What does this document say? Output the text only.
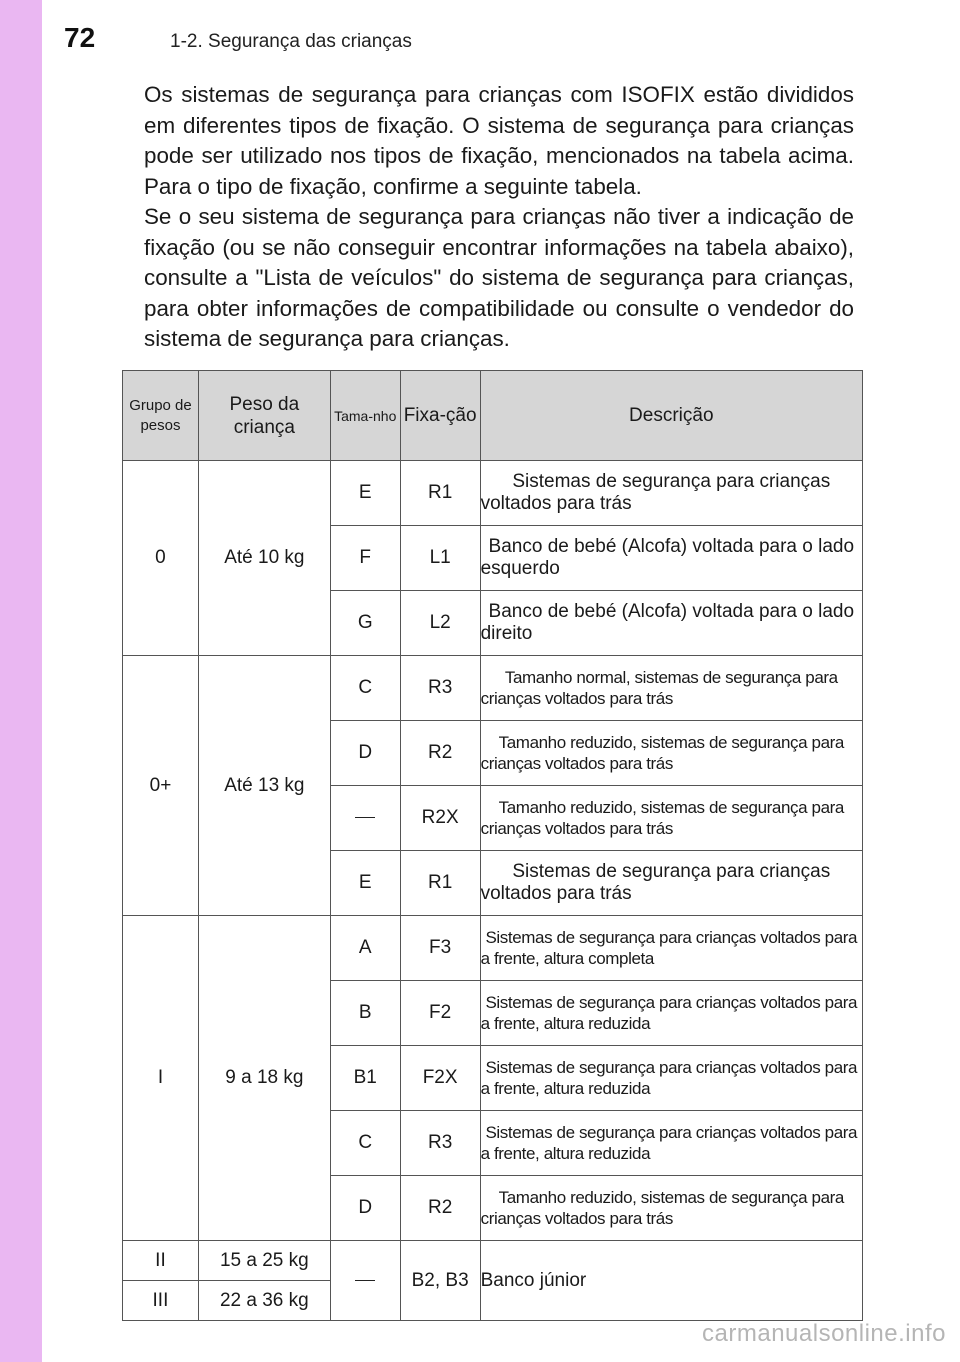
72	1-2. Segurança das crianças

Os sistemas de segurança para crianças com ISOFIX estão divididos em diferentes tipos de fixação. O sistema de segurança para crianças pode ser utilizado nos tipos de fixação, mencionados na tabela acima. Para o tipo de fixação, confirme a seguinte tabela.

Se o seu sistema de segurança para crianças não tiver a indicação de fixação (ou se não conseguir encontrar informações na tabela abaixo), consulte a "Lista de veículos" do sistema de segurança para crianças, para obter informações de compatibilidade ou consulte o vendedor do sistema de segurança para crianças.

Grupo de pesos	Peso da criança	Tama-nho	Fixa-ção	Descrição
0	Até 10 kg	E	R1	Sistemas de segurança para crianças voltados para trás
		F	L1	Banco de bebé (Alcofa) voltada para o lado esquerdo
		G	L2	Banco de bebé (Alcofa) voltada para o lado direito
0+	Até 13 kg	C	R3	Tamanho normal, sistemas de segurança para crianças voltados para trás
		D	R2	Tamanho reduzido, sistemas de segurança para crianças voltados para trás
			R2X	Tamanho reduzido, sistemas de segurança para crianças voltados para trás
		E	R1	Sistemas de segurança para crianças voltados para trás
I	9 a 18 kg	A	F3	Sistemas de segurança para crianças voltados para a frente, altura completa
		B	F2	Sistemas de segurança para crianças voltados para a frente, altura reduzida
		B1	F2X	Sistemas de segurança para crianças voltados para a frente, altura reduzida
		C	R3	Sistemas de segurança para crianças voltados para a frente, altura reduzida
		D	R2	Tamanho reduzido, sistemas de segurança para crianças voltados para trás
II	15 a 25 kg		B2, B3	Banco júnior
III	22 a 36 kg			
carmanualsonline.info
